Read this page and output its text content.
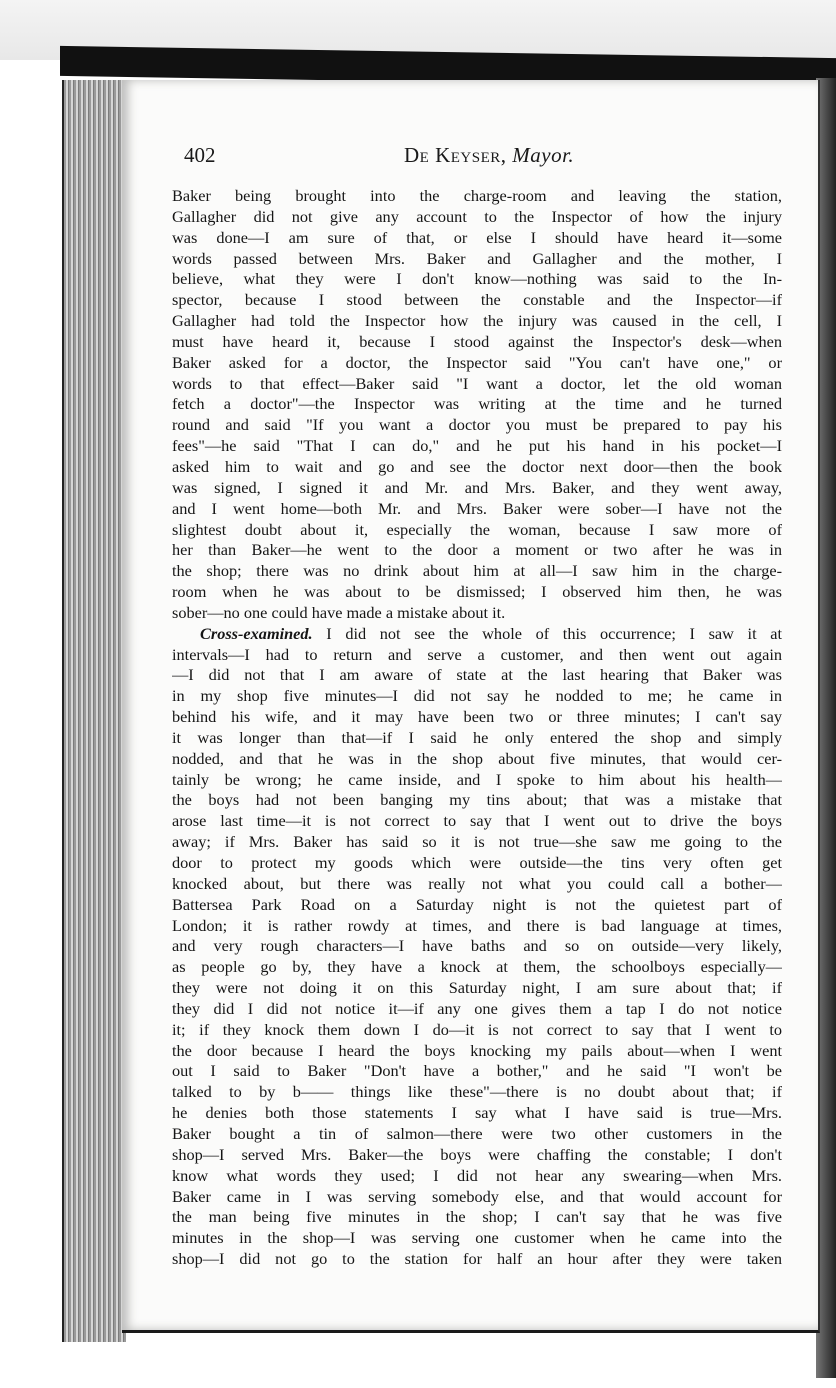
402	De Keyser, Mayor.
Baker being brought into the charge-room and leaving the station,
Gallagher did not give any account to the Inspector of how the injury
was done—I am sure of that, or else I should have heard it—some
words passed between Mrs. Baker and Gallagher and the mother, I
believe, what they were I don't know—nothing was said to the In-
spector, because I stood between the constable and the Inspector—if
Gallagher had told the Inspector how the injury was caused in the cell, I
must have heard it, because I stood against the Inspector's desk—when
Baker asked for a doctor, the Inspector said "You can't have one," or
words to that effect—Baker said "I want a doctor, let the old woman
fetch a doctor"—the Inspector was writing at the time and he turned
round and said "If you want a doctor you must be prepared to pay his
fees"—he said "That I can do," and he put his hand in his pocket—I
asked him to wait and go and see the doctor next door—then the book
was signed, I signed it and Mr. and Mrs. Baker, and they went away,
and I went home—both Mr. and Mrs. Baker were sober—I have not the
slightest doubt about it, especially the woman, because I saw more of
her than Baker—he went to the door a moment or two after he was in
the shop; there was no drink about him at all—I saw him in the charge-
room when he was about to be dismissed; I observed him then, he was
sober—no one could have made a mistake about it.
Cross-examined. I did not see the whole of this occurrence; I saw it at
intervals—I had to return and serve a customer, and then went out again
—I did not that I am aware of state at the last hearing that Baker was
in my shop five minutes—I did not say he nodded to me; he came in
behind his wife, and it may have been two or three minutes; I can't say
it was longer than that—if I said he only entered the shop and simply
nodded, and that he was in the shop about five minutes, that would cer-
tainly be wrong; he came inside, and I spoke to him about his health—
the boys had not been banging my tins about; that was a mistake that
arose last time—it is not correct to say that I went out to drive the boys
away; if Mrs. Baker has said so it is not true—she saw me going to the
door to protect my goods which were outside—the tins very often get
knocked about, but there was really not what you could call a bother—
Battersea Park Road on a Saturday night is not the quietest part of
London; it is rather rowdy at times, and there is bad language at times,
and very rough characters—I have baths and so on outside—very likely,
as people go by, they have a knock at them, the schoolboys especially—
they were not doing it on this Saturday night, I am sure about that; if
they did I did not notice it—if any one gives them a tap I do not notice
it; if they knock them down I do—it is not correct to say that I went to
the door because I heard the boys knocking my pails about—when I went
out I said to Baker "Don't have a bother," and he said "I won't be
talked to by b—— things like these"—there is no doubt about that; if
he denies both those statements I say what I have said is true—Mrs.
Baker bought a tin of salmon—there were two other customers in the
shop—I served Mrs. Baker—the boys were chaffing the constable; I don't
know what words they used; I did not hear any swearing—when Mrs.
Baker came in I was serving somebody else, and that would account for
the man being five minutes in the shop; I can't say that he was five
minutes in the shop—I was serving one customer when he came into the
shop—I did not go to the station for half an hour after they were taken
